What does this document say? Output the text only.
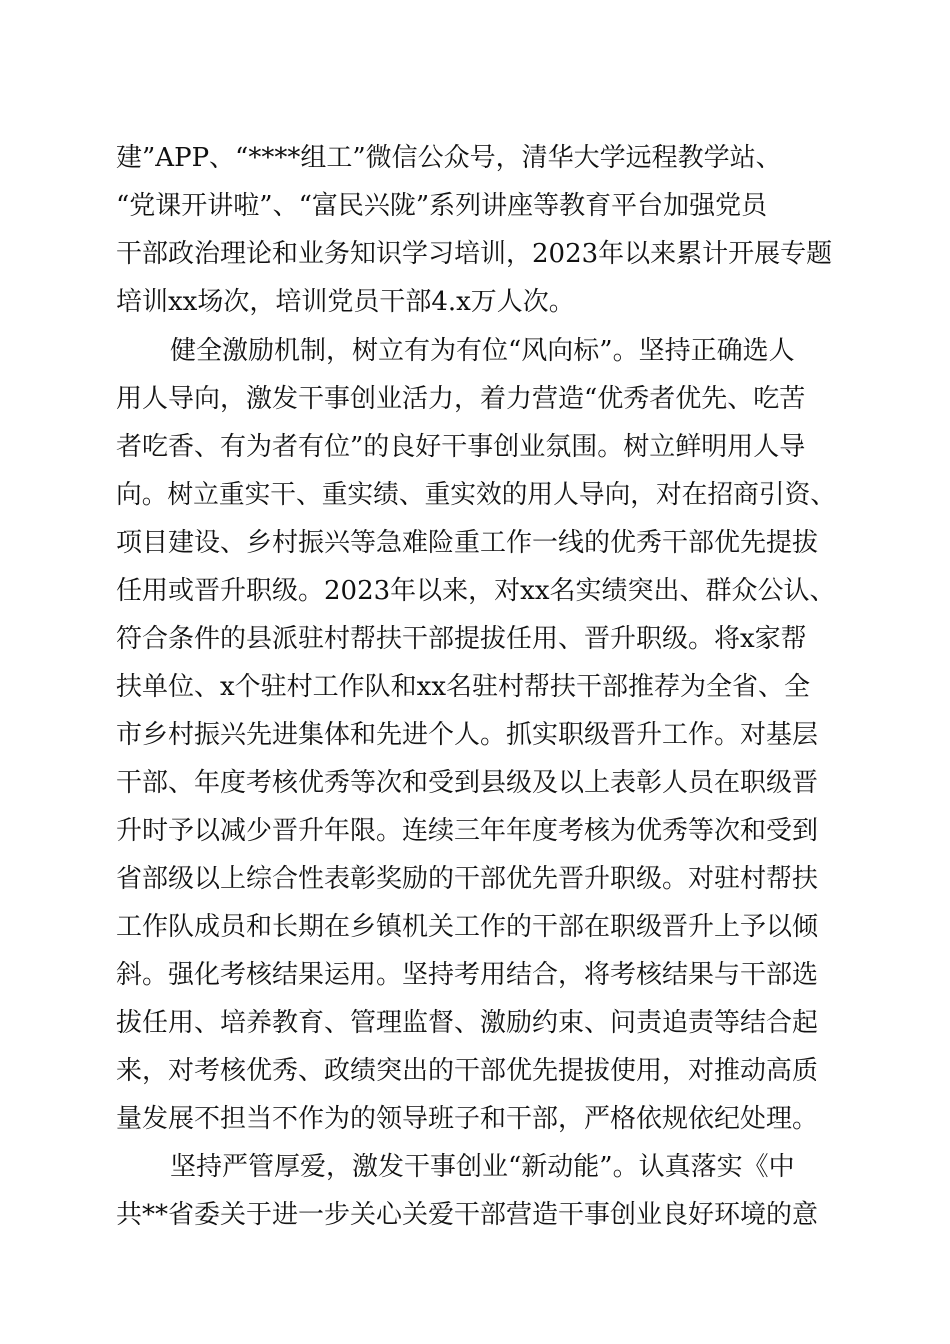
建”APP、“****组工”微信公众号，清华大学远程教学站、
“党课开讲啦”、“富民兴陇”系列讲座等教育平台加强党员
干部政治理论和业务知识学习培训，2023年以来累计开展专题
培训xx场次，培训党员干部4.x万人次。
健全激励机制，树立有为有位“风向标”。坚持正确选人
用人导向，激发干事创业活力，着力营造“优秀者优先、吃苦
者吃香、有为者有位”的良好干事创业氛围。树立鲜明用人导
向。树立重实干、重实绩、重实效的用人导向，对在招商引资、
项目建设、乡村振兴等急难险重工作一线的优秀干部优先提拔
任用或晋升职级。2023年以来，对xx名实绩突出、群众公认、
符合条件的县派驻村帮扶干部提拔任用、晋升职级。将x家帮
扶单位、x个驻村工作队和xx名驻村帮扶干部推荐为全省、全
市乡村振兴先进集体和先进个人。抓实职级晋升工作。对基层
干部、年度考核优秀等次和受到县级及以上表彰人员在职级晋
升时予以减少晋升年限。连续三年年度考核为优秀等次和受到
省部级以上综合性表彰奖励的干部优先晋升职级。对驻村帮扶
工作队成员和长期在乡镇机关工作的干部在职级晋升上予以倾
斜。强化考核结果运用。坚持考用结合，将考核结果与干部选
拔任用、培养教育、管理监督、激励约束、问责追责等结合起
来，对考核优秀、政绩突出的干部优先提拔使用，对推动高质
量发展不担当不作为的领导班子和干部，严格依规依纪处理。
坚持严管厚爱，激发干事创业“新动能”。认真落实《中
共**省委关于进一步关心关爱干部营造干事创业良好环境的意
